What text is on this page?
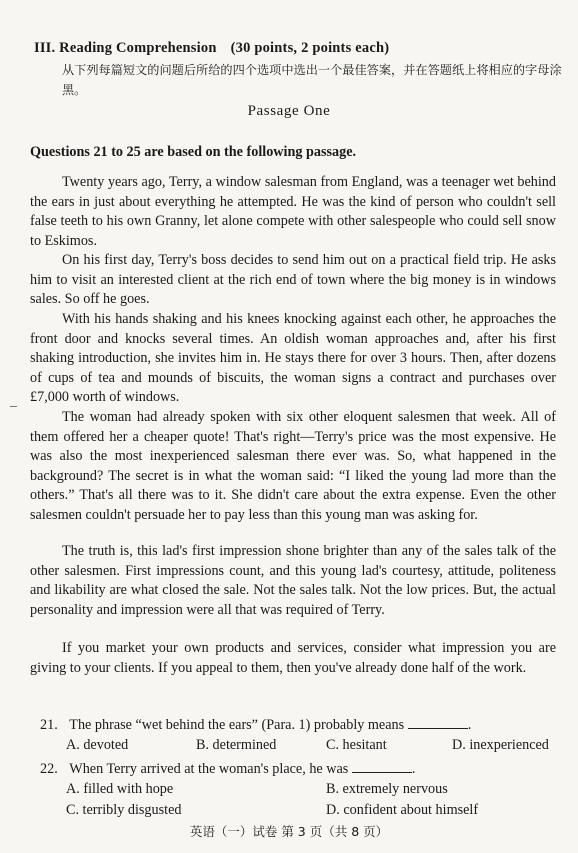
III. Reading Comprehension (30 points, 2 points each)
从下列每篇短文的问题后所给的四个选项中选出一个最佳答案，并在答题纸上将相应的字母涂黑。
Passage One
Questions 21 to 25 are based on the following passage.

Twenty years ago, Terry, a window salesman from England, was a teenager wet behind the ears in just about everything he attempted. He was the kind of person who couldn't sell false teeth to his own Granny, let alone compete with other salespeople who could sell snow to Eskimos.

On his first day, Terry's boss decides to send him out on a practical field trip. He asks him to visit an interested client at the rich end of town where the big money is in windows sales. So off he goes.

With his hands shaking and his knees knocking against each other, he approaches the front door and knocks several times. An oldish woman approaches and, after his first shaking introduction, she invites him in. He stays there for over 3 hours. Then, after dozens of cups of tea and mounds of biscuits, the woman signs a contract and purchases over £7,000 worth of windows.

The woman had already spoken with six other eloquent salesmen that week. All of them offered her a cheaper quote! That's right—Terry's price was the most expensive. He was also the most inexperienced salesman there ever was. So, what happened in the background? The secret is in what the woman said: “I liked the young lad more than the others.” That's all there was to it. She didn't care about the extra expense. Even the other salesmen couldn't persuade her to pay less than this young man was asking for.

The truth is, this lad's first impression shone brighter than any of the sales talk of the other salesmen. First impressions count, and this young lad's courtesy, attitude, politeness and likability are what closed the sale. Not the sales talk. Not the low prices. But, the actual personality and impression were all that was required of Terry.

If you market your own products and services, consider what impression you are giving to your clients. If you appeal to them, then you've already done half of the work.

21. The phrase “wet behind the ears” (Para. 1) probably means	.
A. devoted	B. determined	C. hesitant	D. inexperienced
22. When Terry arrived at the woman's place, he was	.
A. filled with hope	B. extremely nervous
C. terribly disgusted	D. confident about himself
英语（一）试卷 第 3 页（共 8 页）
